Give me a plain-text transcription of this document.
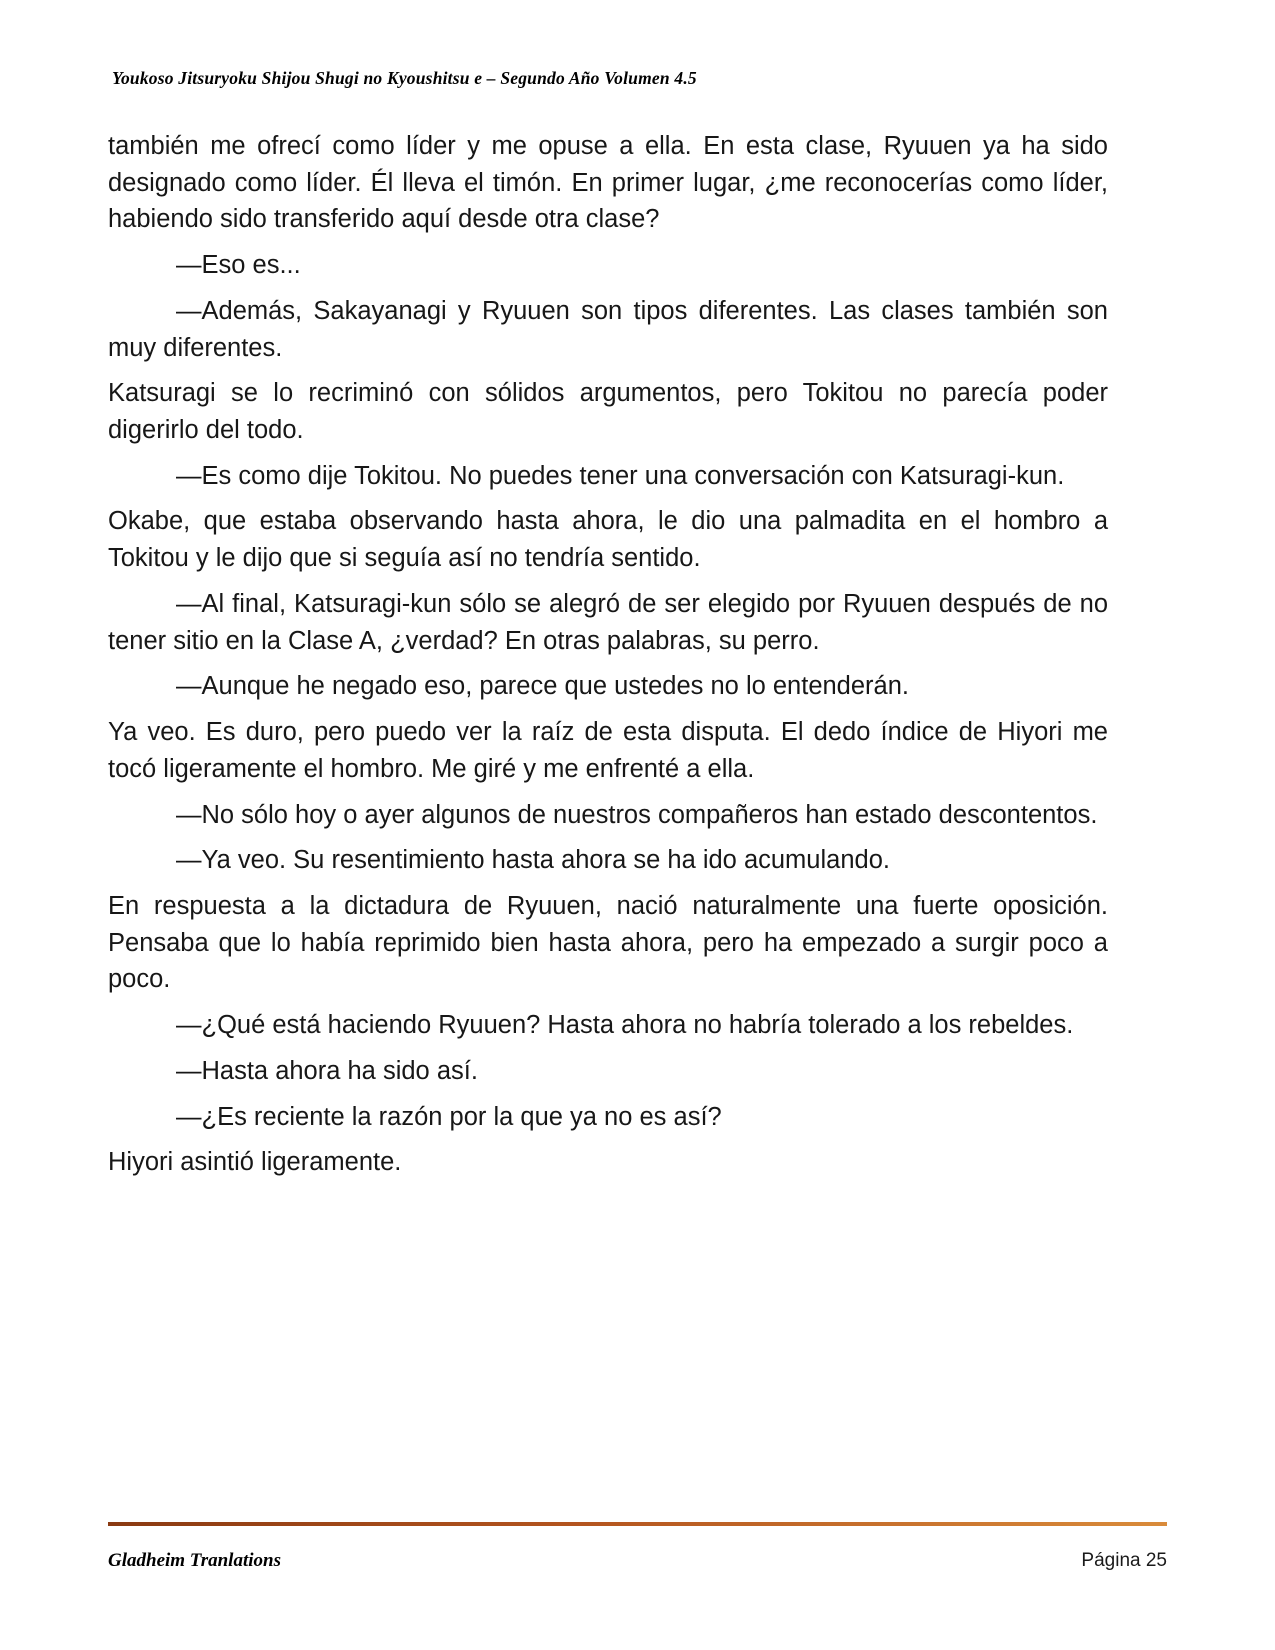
Youkoso Jitsuryoku Shijou Shugi no Kyoushitsu e – Segundo Año Volumen 4.5

también me ofrecí como líder y me opuse a ella. En esta clase, Ryuuen ya ha sido designado como líder. Él lleva el timón. En primer lugar, ¿me reconocerías como líder, habiendo sido transferido aquí desde otra clase?

—Eso es...

—Además, Sakayanagi y Ryuuen son tipos diferentes. Las clases también son muy diferentes.

Katsuragi se lo recriminó con sólidos argumentos, pero Tokitou no parecía poder digerirlo del todo.

—Es como dije Tokitou. No puedes tener una conversación con Katsuragi-kun.

Okabe, que estaba observando hasta ahora, le dio una palmadita en el hombro a Tokitou y le dijo que si seguía así no tendría sentido.

—Al final, Katsuragi-kun sólo se alegró de ser elegido por Ryuuen después de no tener sitio en la Clase A, ¿verdad? En otras palabras, su perro.

—Aunque he negado eso, parece que ustedes no lo entenderán.

Ya veo. Es duro, pero puedo ver la raíz de esta disputa. El dedo índice de Hiyori me tocó ligeramente el hombro. Me giré y me enfrenté a ella.

—No sólo hoy o ayer algunos de nuestros compañeros han estado descontentos.

—Ya veo. Su resentimiento hasta ahora se ha ido acumulando.

En respuesta a la dictadura de Ryuuen, nació naturalmente una fuerte oposición. Pensaba que lo había reprimido bien hasta ahora, pero ha empezado a surgir poco a poco.

—¿Qué está haciendo Ryuuen? Hasta ahora no habría tolerado a los rebeldes.

—Hasta ahora ha sido así.

—¿Es reciente la razón por la que ya no es así?

Hiyori asintió ligeramente.

Gladheim Tranlations	Página 25
